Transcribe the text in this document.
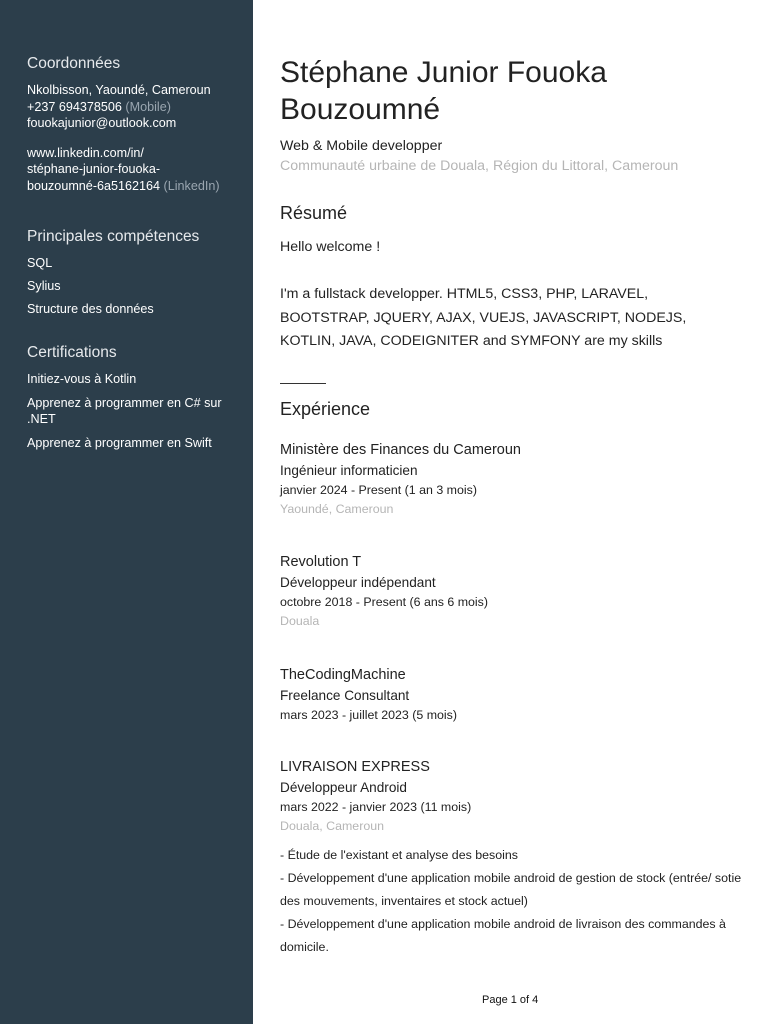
Coordonnées
Nkolbisson, Yaoundé, Cameroun
+237 694378506 (Mobile)
fouokajunior@outlook.com
www.linkedin.com/in/
stéphane-junior-fouoka-
bouzoumné-6a5162164 (LinkedIn)
Principales compétences
SQL
Sylius
Structure des données
Certifications
Initiez-vous à Kotlin
Apprenez à programmer en C# sur .NET
Apprenez à programmer en Swift
Stéphane Junior Fouoka Bouzoumné
Web & Mobile developper
Communauté urbaine de Douala, Région du Littoral, Cameroun
Résumé
Hello welcome !
I'm a fullstack developper. HTML5, CSS3, PHP, LARAVEL, BOOTSTRAP, JQUERY, AJAX, VUEJS, JAVASCRIPT, NODEJS, KOTLIN, JAVA, CODEIGNITER and SYMFONY are my skills
Expérience
Ministère des Finances du Cameroun
Ingénieur informaticien
janvier 2024 - Present (1 an 3 mois)
Yaoundé, Cameroun
Revolution T
Développeur indépendant
octobre 2018 - Present (6 ans 6 mois)
Douala
TheCodingMachine
Freelance Consultant
mars 2023 - juillet 2023 (5 mois)
LIVRAISON EXPRESS
Développeur Android
mars 2022 - janvier 2023 (11 mois)
Douala, Cameroun
- Étude de l'existant et analyse des besoins
- Développement d'une application mobile android de gestion de stock (entrée/ sotie des mouvements, inventaires et stock actuel)
- Développement d'une application mobile android de livraison des commandes à domicile.
Page 1 of 4
